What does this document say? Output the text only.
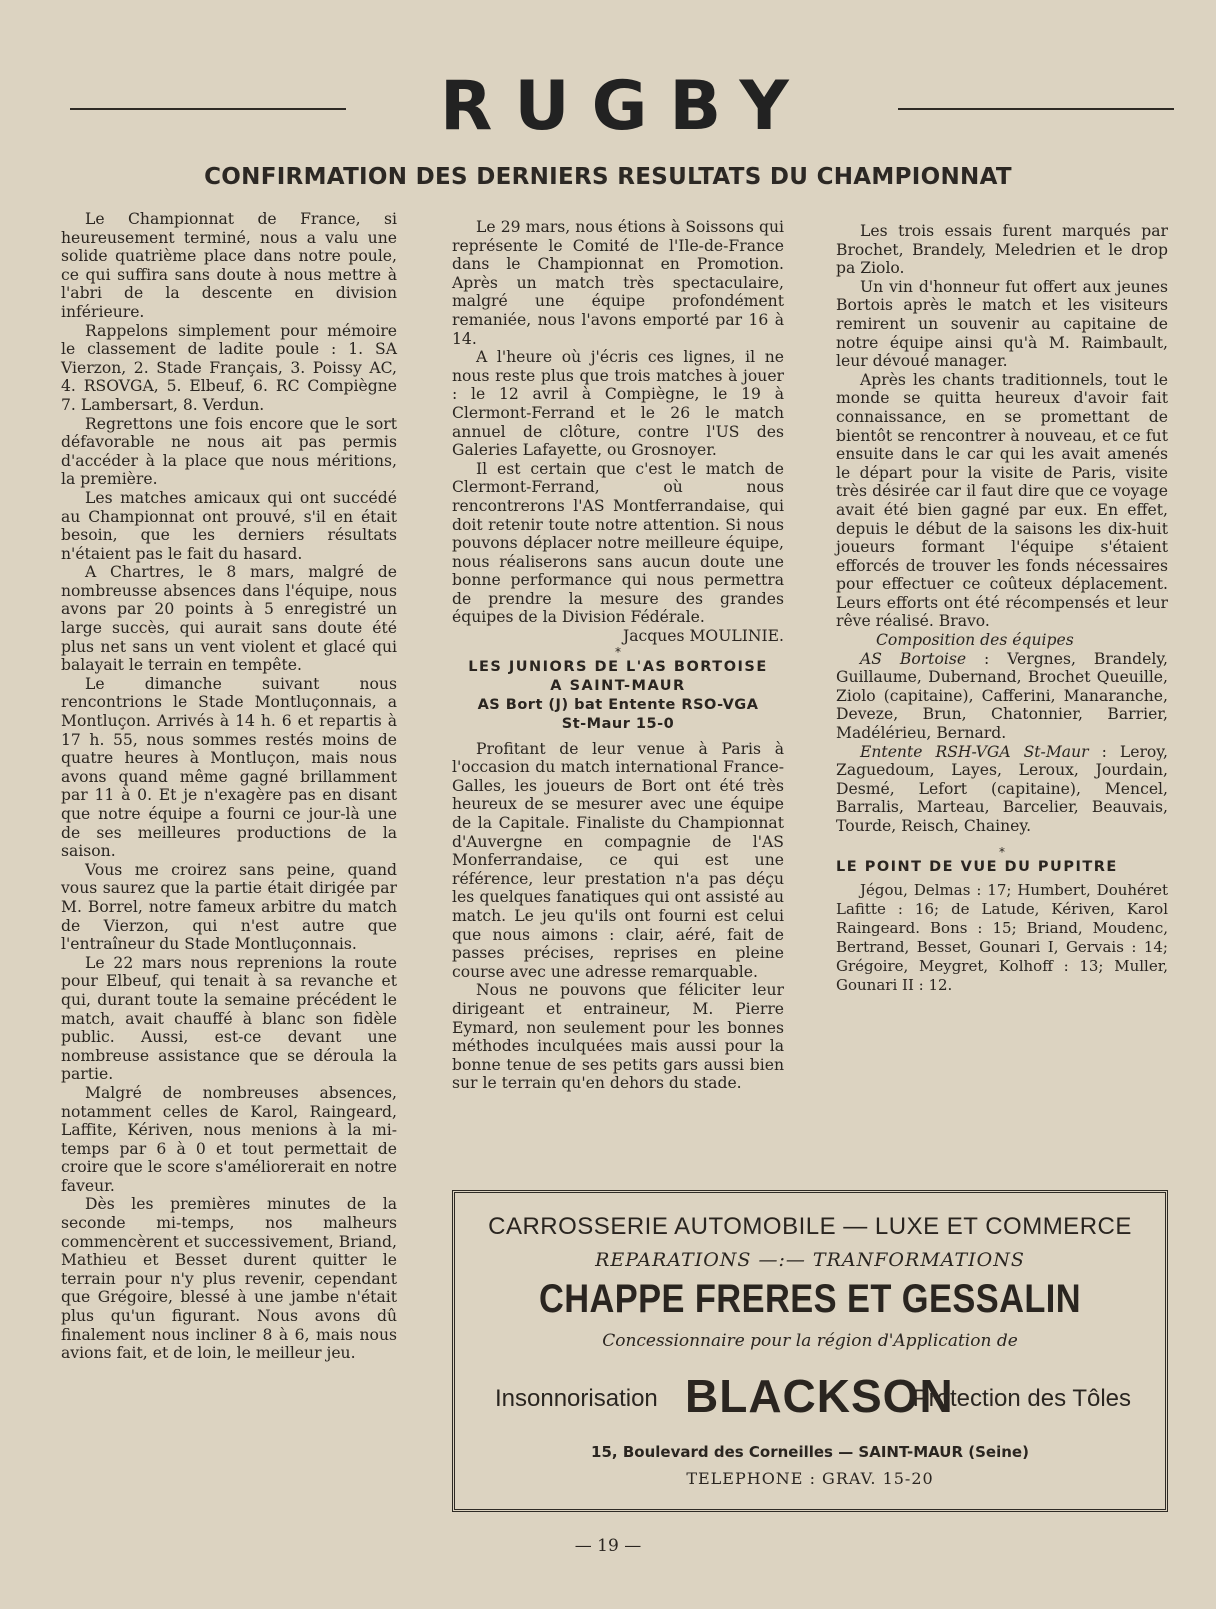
RUGBY
CONFIRMATION DES DERNIERS RESULTATS DU CHAMPIONNAT

Le Championnat de France, si heureusement terminé, nous a valu une solide quatrième place dans notre poule, ce qui suffira sans doute à nous mettre à l'abri de la descente en division inférieure.

Rappelons simplement pour mémoire le classement de ladite poule : 1. SA Vierzon, 2. Stade Français, 3. Poissy AC, 4. RSOVGA, 5. Elbeuf, 6. RC Compiègne 7. Lambersart, 8. Verdun.

Regrettons une fois encore que le sort défavorable ne nous ait pas permis d'accéder à la place que nous méritions, la première.

Les matches amicaux qui ont succédé au Championnat ont prouvé, s'il en était besoin, que les derniers résultats n'étaient pas le fait du hasard.

A Chartres, le 8 mars, malgré de nombreusse absences dans l'équipe, nous avons par 20 points à 5 enregistré un large succès, qui aurait sans doute été plus net sans un vent violent et glacé qui balayait le terrain en tempête.

Le dimanche suivant nous rencontrions le Stade Montluçonnais, a Montluçon. Arrivés à 14 h. 6 et repartis à 17 h. 55, nous sommes restés moins de quatre heures à Montluçon, mais nous avons quand même gagné brillamment par 11 à 0. Et je n'exagère pas en disant que notre équipe a fourni ce jour-là une de ses meilleures productions de la saison.

Vous me croirez sans peine, quand vous saurez que la partie était dirigée par M. Borrel, notre fameux arbitre du match de Vierzon, qui n'est autre que l'entraîneur du Stade Montluçonnais.

Le 22 mars nous reprenions la route pour Elbeuf, qui tenait à sa revanche et qui, durant toute la semaine précédent le match, avait chauffé à blanc son fidèle public. Aussi, est-ce devant une nombreuse assistance que se déroula la partie.

Malgré de nombreuses absences, notamment celles de Karol, Raingeard, Laffite, Kériven, nous menions à la mi-temps par 6 à 0 et tout permettait de croire que le score s'améliorerait en notre faveur.

Dès les premières minutes de la seconde mi-temps, nos malheurs commencèrent et successivement, Briand, Mathieu et Besset durent quitter le terrain pour n'y plus revenir, cependant que Grégoire, blessé à une jambe n'était plus qu'un figurant. Nous avons dû finalement nous incliner 8 à 6, mais nous avions fait, et de loin, le meilleur jeu.

Le 29 mars, nous étions à Soissons qui représente le Comité de l'Ile-de-France dans le Championnat en Promotion. Après un match très spectaculaire, malgré une équipe profondément remaniée, nous l'avons emporté par 16 à 14.

A l'heure où j'écris ces lignes, il ne nous reste plus que trois matches à jouer : le 12 avril à Compiègne, le 19 à Clermont-Ferrand et le 26 le match annuel de clôture, contre l'US des Galeries Lafayette, ou Grosnoyer.

Il est certain que c'est le match de Clermont-Ferrand, où nous rencontrerons l'AS Montferrandaise, qui doit retenir toute notre attention. Si nous pouvons déplacer notre meilleure équipe, nous réaliserons sans aucun doute une bonne performance qui nous permettra de prendre la mesure des grandes équipes de la Division Fédérale.

Jacques MOULINIE.

*

LES JUNIORS DE L'AS BORTOISE

A SAINT-MAUR

AS Bort (J) bat Entente RSO-VGA

St-Maur 15-0

Profitant de leur venue à Paris à l'occasion du match international France-Galles, les joueurs de Bort ont été très heureux de se mesurer avec une équipe de la Capitale. Finaliste du Championnat d'Auvergne en compagnie de l'AS Monferrandaise, ce qui est une référence, leur prestation n'a pas déçu les quelques fanatiques qui ont assisté au match. Le jeu qu'ils ont fourni est celui que nous aimons : clair, aéré, fait de passes précises, reprises en pleine course avec une adresse remarquable.

Nous ne pouvons que féliciter leur dirigeant et entraineur, M. Pierre Eymard, non seulement pour les bonnes méthodes inculquées mais aussi pour la bonne tenue de ses petits gars aussi bien sur le terrain qu'en dehors du stade.

Les trois essais furent marqués par Brochet, Brandely, Meledrien et le drop pa Ziolo.

Un vin d'honneur fut offert aux jeunes Bortois après le match et les visiteurs remirent un souvenir au capitaine de notre équipe ainsi qu'à M. Raimbault, leur dévoué manager.

Après les chants traditionnels, tout le monde se quitta heureux d'avoir fait connaissance, en se promettant de bientôt se rencontrer à nouveau, et ce fut ensuite dans le car qui les avait amenés le départ pour la visite de Paris, visite très désirée car il faut dire que ce voyage avait été bien gagné par eux. En effet, depuis le début de la saisons les dix-huit joueurs formant l'équipe s'étaient efforcés de trouver les fonds nécessaires pour effectuer ce coûteux déplacement. Leurs efforts ont été récompensés et leur rêve réalisé. Bravo.

Composition des équipes

AS Bortoise : Vergnes, Brandely, Guillaume, Dubernand, Brochet Queuille, Ziolo (capitaine), Cafferini, Manaranche, Deveze, Brun, Chatonnier, Barrier, Madélérieu, Bernard.

Entente RSH-VGA St-Maur : Leroy, Zaguedoum, Layes, Leroux, Jourdain, Desmé, Lefort (capitaine), Mencel, Barralis, Marteau, Barcelier, Beauvais, Tourde, Reisch, Chainey.

*

LE POINT DE VUE DU PUPITRE

Jégou, Delmas : 17; Humbert, Douhéret Lafitte : 16; de Latude, Kériven, Karol Raingeard. Bons : 15; Briand, Moudenc, Bertrand, Besset, Gounari I, Gervais : 14; Grégoire, Meygret, Kolhoff : 13; Muller, Gounari II : 12.

CARROSSERIE AUTOMOBILE — LUXE ET COMMERCE
REPARATIONS —:— TRANFORMATIONS
CHAPPE FRERES ET GESSALIN
Concessionnaire pour la région d'Application de
Insonnorisation BLACKSON
Protection des Tôles
15, Boulevard des Corneilles — SAINT-MAUR (Seine)
TELEPHONE : GRAV. 15-20
— 19 —
